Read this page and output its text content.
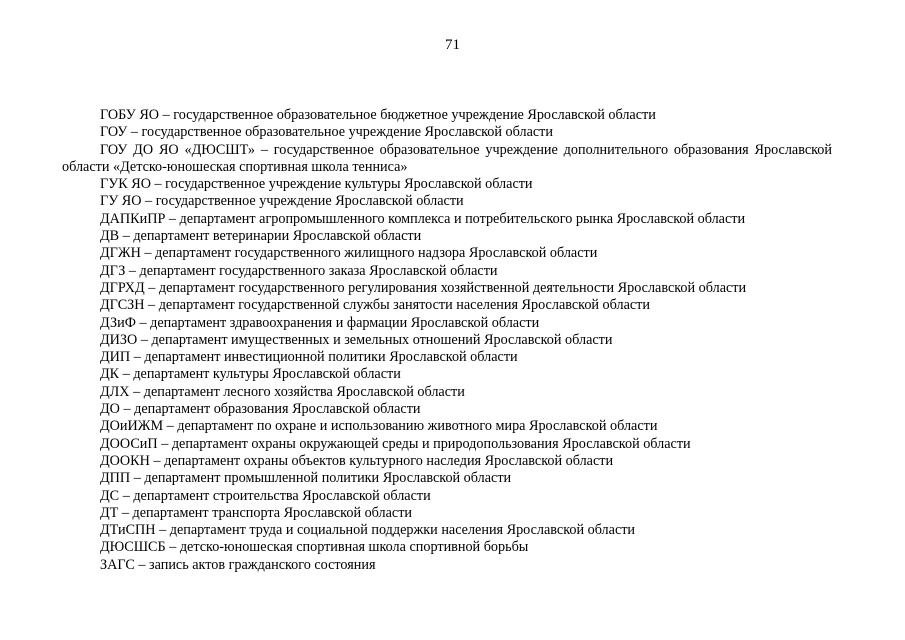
71

ГОБУ ЯО – государственное образовательное бюджетное учреждение Ярославской области

ГОУ – государственное образовательное учреждение Ярославской области

ГОУ ДО ЯО «ДЮСШТ» – государственное образовательное учреждение дополнительного образования Ярославской области «Детско-юношеская спортивная школа тенниса»

ГУК ЯО – государственное учреждение культуры Ярославской области

ГУ ЯО – государственное учреждение Ярославской области

ДАПКиПР – департамент агропромышленного комплекса и потребительского рынка Ярославской области

ДВ – департамент ветеринарии Ярославской области

ДГЖН – департамент государственного жилищного надзора Ярославской области

ДГЗ – департамент государственного заказа Ярославской области

ДГРХД – департамент государственного регулирования хозяйственной деятельности Ярославской области

ДГСЗН – департамент государственной службы занятости населения Ярославской области

ДЗиФ – департамент здравоохранения и фармации Ярославской области

ДИЗО – департамент имущественных и земельных отношений Ярославской области

ДИП – департамент инвестиционной политики Ярославской области

ДК – департамент культуры Ярославской области

ДЛХ – департамент лесного хозяйства Ярославской области

ДО – департамент образования Ярославской области

ДОиИЖМ – департамент по охране и использованию животного мира Ярославской области

ДООСиП – департамент охраны окружающей среды и природопользования Ярославской области

ДООКН – департамент охраны объектов культурного наследия Ярославской области

ДПП – департамент промышленной политики Ярославской области

ДС – департамент строительства Ярославской области

ДТ – департамент транспорта Ярославской области

ДТиСПН – департамент труда и социальной поддержки населения Ярославской области

ДЮСШСБ – детско-юношеская спортивная школа спортивной борьбы

ЗАГС – запись актов гражданского состояния
